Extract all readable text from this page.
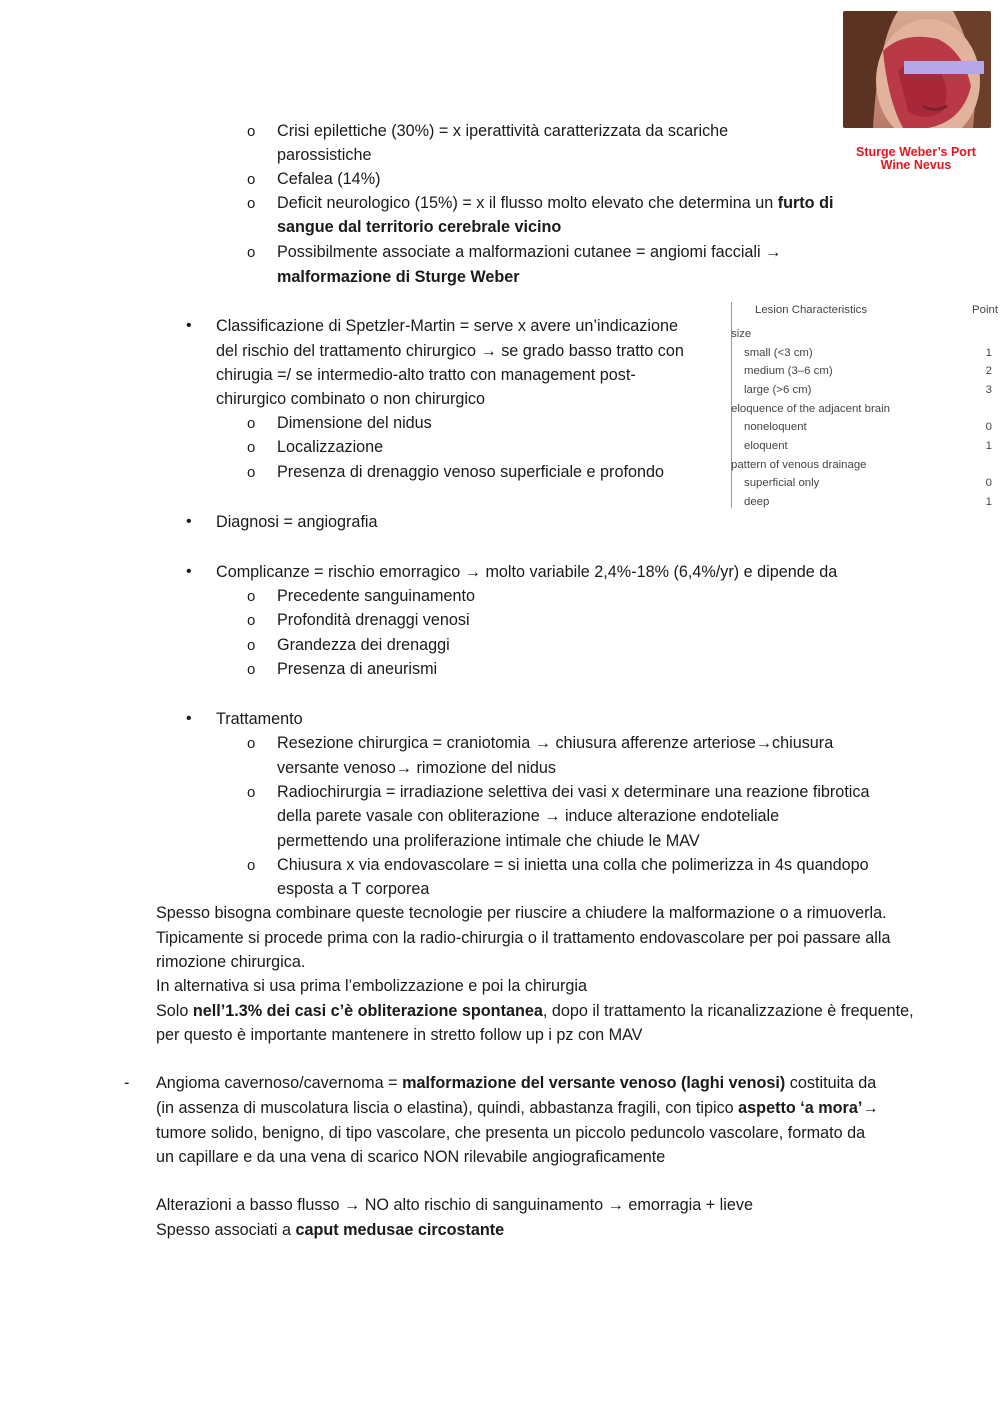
Sturge Weber’s Port
Wine Nevus
o Crisi epilettiche (30%) = x iperattività caratterizzata da scariche
parossistiche
o Cefalea (14%)
o Deficit neurologico (15%) = x il flusso molto elevato che determina un furto di
sangue dal territorio cerebrale vicino
o Possibilmente associate a malformazioni cutanee = angiomi facciali →
malformazione di Sturge Weber
• Classificazione di Spetzler-Martin = serve x avere un’indicazione
del rischio del trattamento chirurgico → se grado basso tratto con
chirugia =/ se intermedio-alto tratto con management post-
chirurgico combinato o non chirurgico
o Dimensione del nidus
o Localizzazione
o Presenza di drenaggio venoso superficiale e profondo
Lesion Characteristics	Point
size
small (<3 cm)	1
medium (3–6 cm)	2
large (>6 cm)	3
eloquence of the adjacent brain
noneloquent	0
eloquent	1
pattern of venous drainage
superficial only	0
deep	1
• Diagnosi = angiografia
• Complicanze = rischio emorragico → molto variabile 2,4%-18% (6,4%/yr) e dipende da
o Precedente sanguinamento
o Profondità drenaggi venosi
o Grandezza dei drenaggi
o Presenza di aneurismi
• Trattamento
o Resezione chirurgica = craniotomia → chiusura afferenze arteriose→chiusura
versante venoso→ rimozione del nidus
o Radiochirurgia = irradiazione selettiva dei vasi x determinare una reazione fibrotica
della parete vasale con obliterazione → induce alterazione endoteliale
permettendo una proliferazione intimale che chiude le MAV
o Chiusura x via endovascolare = si inietta una colla che polimerizza in 4s quandopo
esposta a T corporea
Spesso bisogna combinare queste tecnologie per riuscire a chiudere la malformazione o a rimuoverla.
Tipicamente si procede prima con la radio-chirurgia o il trattamento endovascolare per poi passare alla
rimozione chirurgica.
In alternativa si usa prima l’embolizzazione e poi la chirurgia
Solo nell’1.3% dei casi c’è obliterazione spontanea, dopo il trattamento la ricanalizzazione è frequente,
per questo è importante mantenere in stretto follow up i pz con MAV
- Angioma cavernoso/cavernoma = malformazione del versante venoso (laghi venosi) costituita da
(in assenza di muscolatura liscia o elastina), quindi, abbastanza fragili, con tipico aspetto ‘a mora’→
tumore solido, benigno, di tipo vascolare, che presenta un piccolo peduncolo vascolare, formato da
un capillare e da una vena di scarico NON rilevabile angiograficamente
Alterazioni a basso flusso → NO alto rischio di sanguinamento → emorragia + lieve
Spesso associati a caput medusae circostante
